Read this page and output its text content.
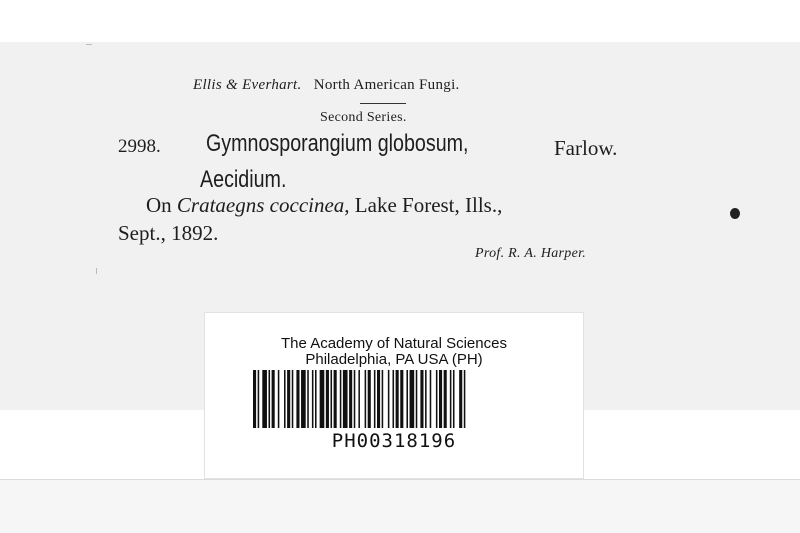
Ellis & Everhart. North American Fungi.
Second Series.
2998. Gymnosporangium globosum,	Farlow.
Aecidium.
On Crataegns coccinea, Lake Forest, Ills.,
Sept., 1892.
Prof. R. A. Harper.
The Academy of Natural Sciences
Philadelphia, PA USA (PH)
PH00318196
